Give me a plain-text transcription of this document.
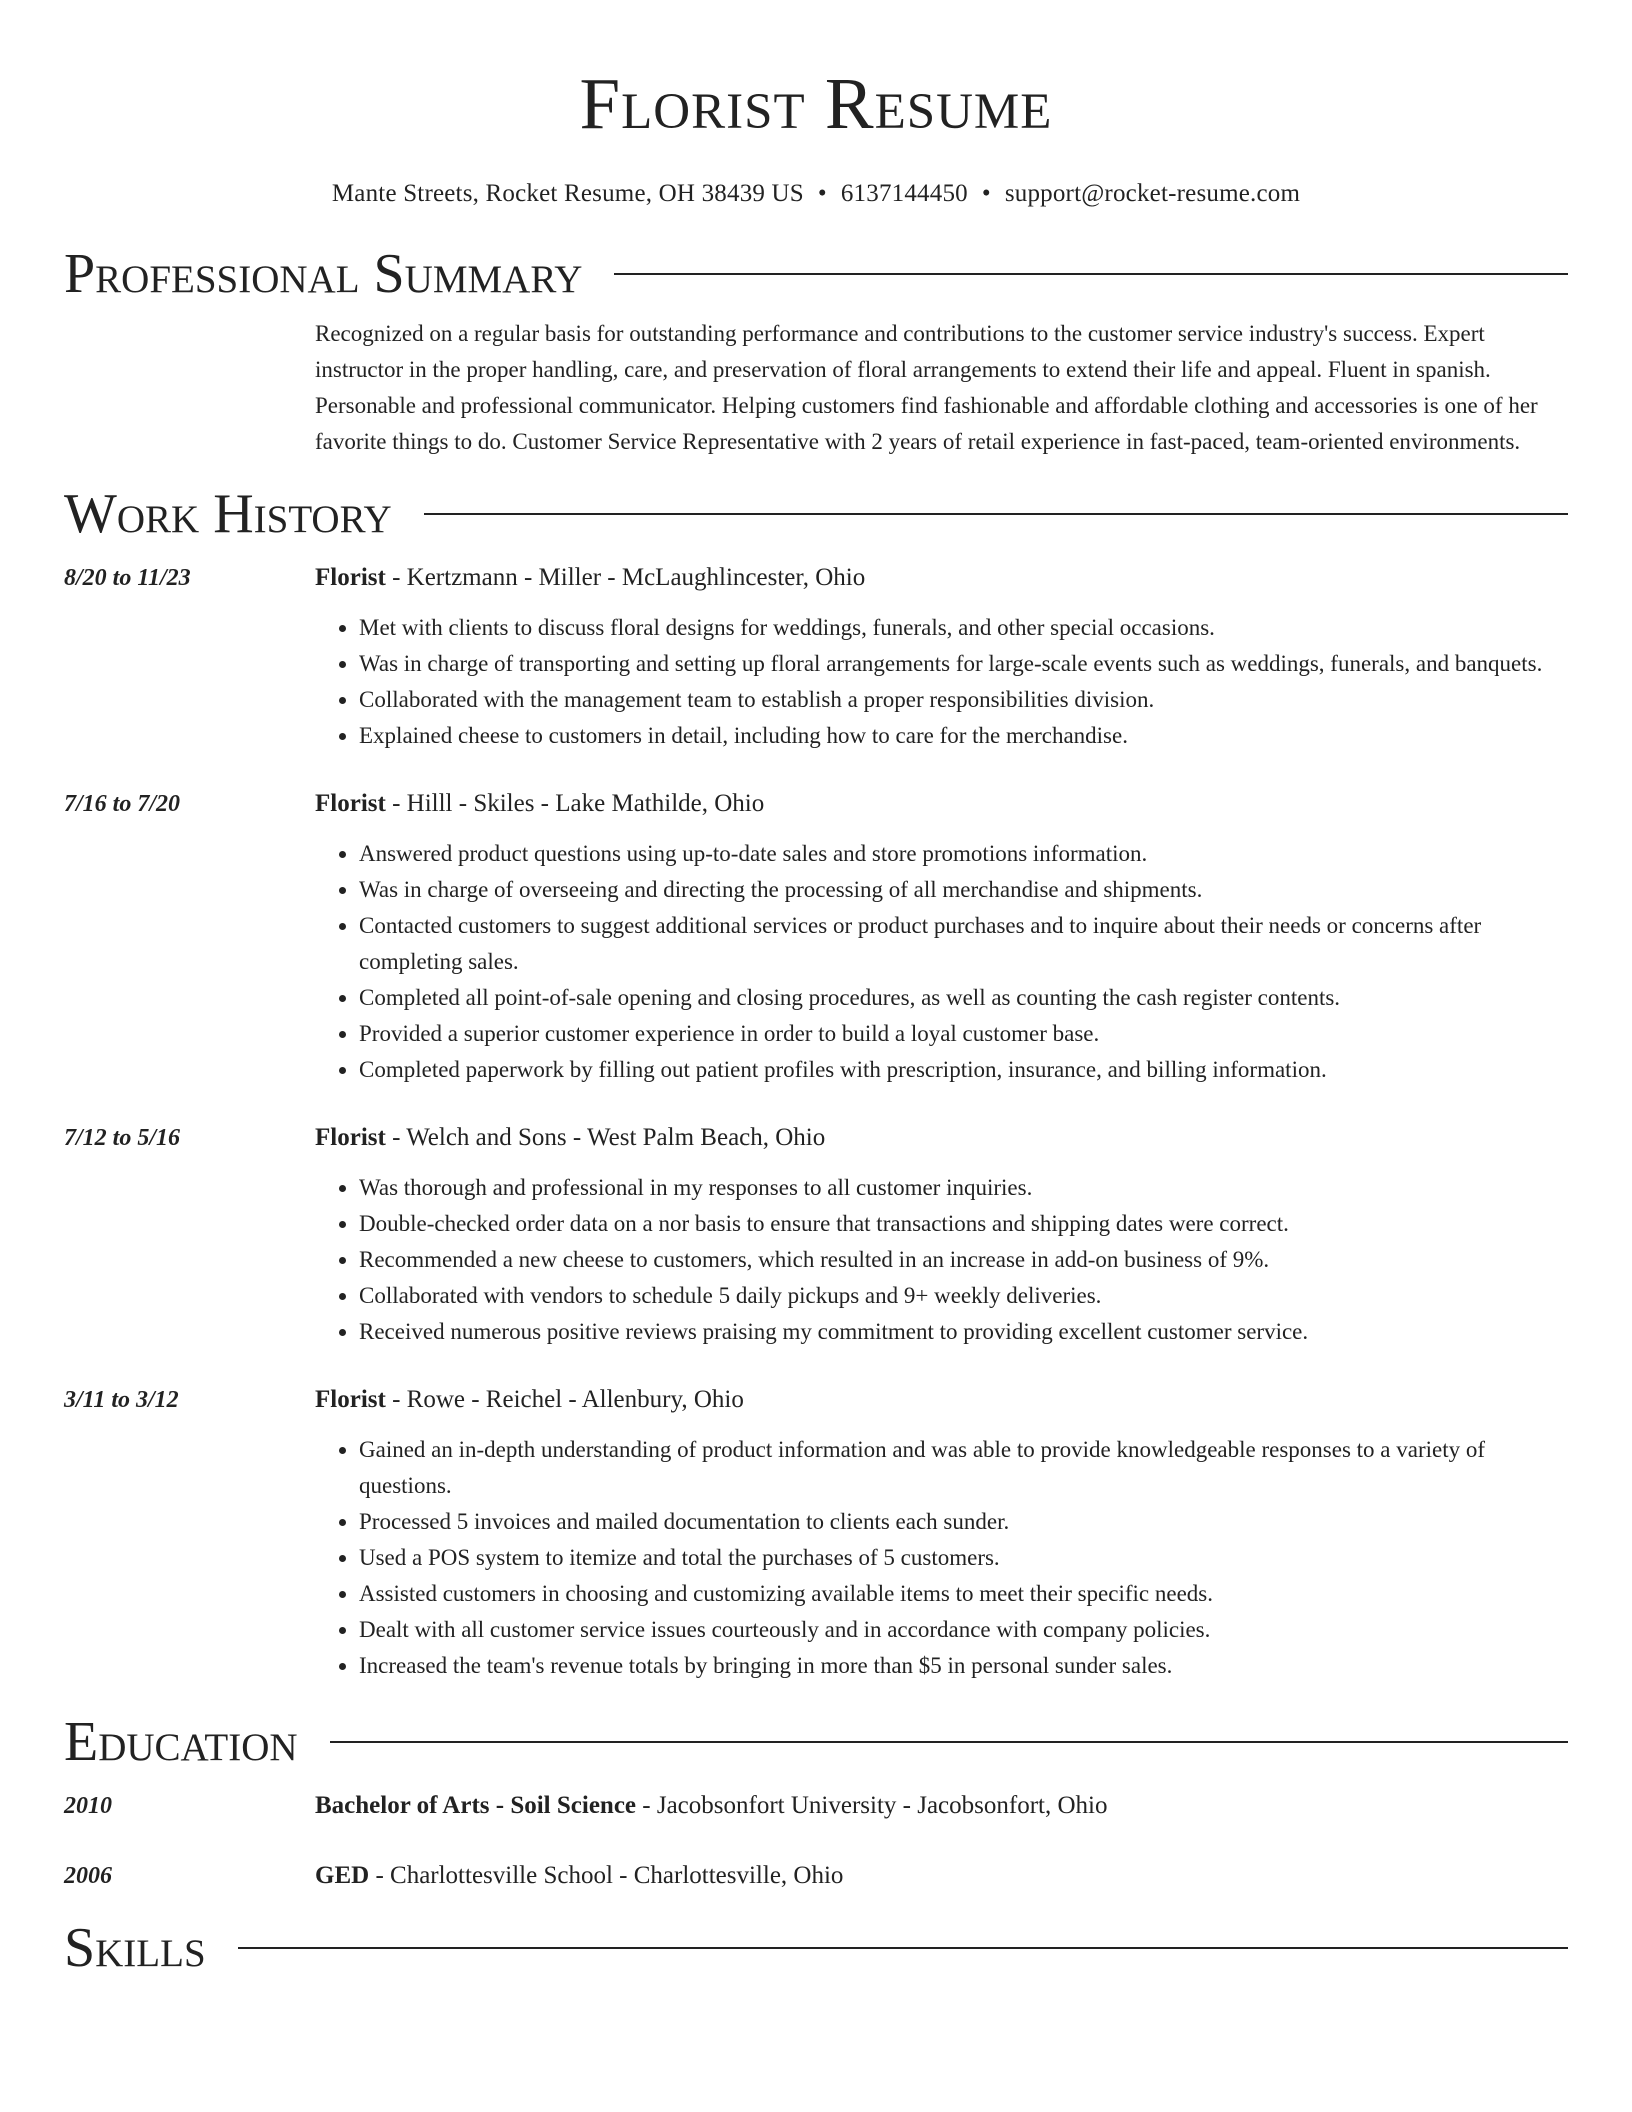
Florist Resume
Mante Streets, Rocket Resume, OH 38439 US • 6137144450 • support@rocket-resume.com
Professional Summary
Recognized on a regular basis for outstanding performance and contributions to the customer service industry's success. Expert instructor in the proper handling, care, and preservation of floral arrangements to extend their life and appeal. Fluent in spanish. Personable and professional communicator. Helping customers find fashionable and affordable clothing and accessories is one of her favorite things to do. Customer Service Representative with 2 years of retail experience in fast-paced, team-oriented environments.
Work History
8/20 to 11/23	Florist - Kertzmann - Miller - McLaughlincester, Ohio
• Met with clients to discuss floral designs for weddings, funerals, and other special occasions.
• Was in charge of transporting and setting up floral arrangements for large-scale events such as weddings, funerals, and banquets.
• Collaborated with the management team to establish a proper responsibilities division.
• Explained cheese to customers in detail, including how to care for the merchandise.
7/16 to 7/20	Florist - Hilll - Skiles - Lake Mathilde, Ohio
• Answered product questions using up-to-date sales and store promotions information.
• Was in charge of overseeing and directing the processing of all merchandise and shipments.
• Contacted customers to suggest additional services or product purchases and to inquire about their needs or concerns after completing sales.
• Completed all point-of-sale opening and closing procedures, as well as counting the cash register contents.
• Provided a superior customer experience in order to build a loyal customer base.
• Completed paperwork by filling out patient profiles with prescription, insurance, and billing information.
7/12 to 5/16	Florist - Welch and Sons - West Palm Beach, Ohio
• Was thorough and professional in my responses to all customer inquiries.
• Double-checked order data on a nor basis to ensure that transactions and shipping dates were correct.
• Recommended a new cheese to customers, which resulted in an increase in add-on business of 9%.
• Collaborated with vendors to schedule 5 daily pickups and 9+ weekly deliveries.
• Received numerous positive reviews praising my commitment to providing excellent customer service.
3/11 to 3/12	Florist - Rowe - Reichel - Allenbury, Ohio
• Gained an in-depth understanding of product information and was able to provide knowledgeable responses to a variety of questions.
• Processed 5 invoices and mailed documentation to clients each sunder.
• Used a POS system to itemize and total the purchases of 5 customers.
• Assisted customers in choosing and customizing available items to meet their specific needs.
• Dealt with all customer service issues courteously and in accordance with company policies.
• Increased the team's revenue totals by bringing in more than $5 in personal sunder sales.
Education
2010	Bachelor of Arts - Soil Science - Jacobsonfort University - Jacobsonfort, Ohio
2006	GED - Charlottesville School - Charlottesville, Ohio
Skills
